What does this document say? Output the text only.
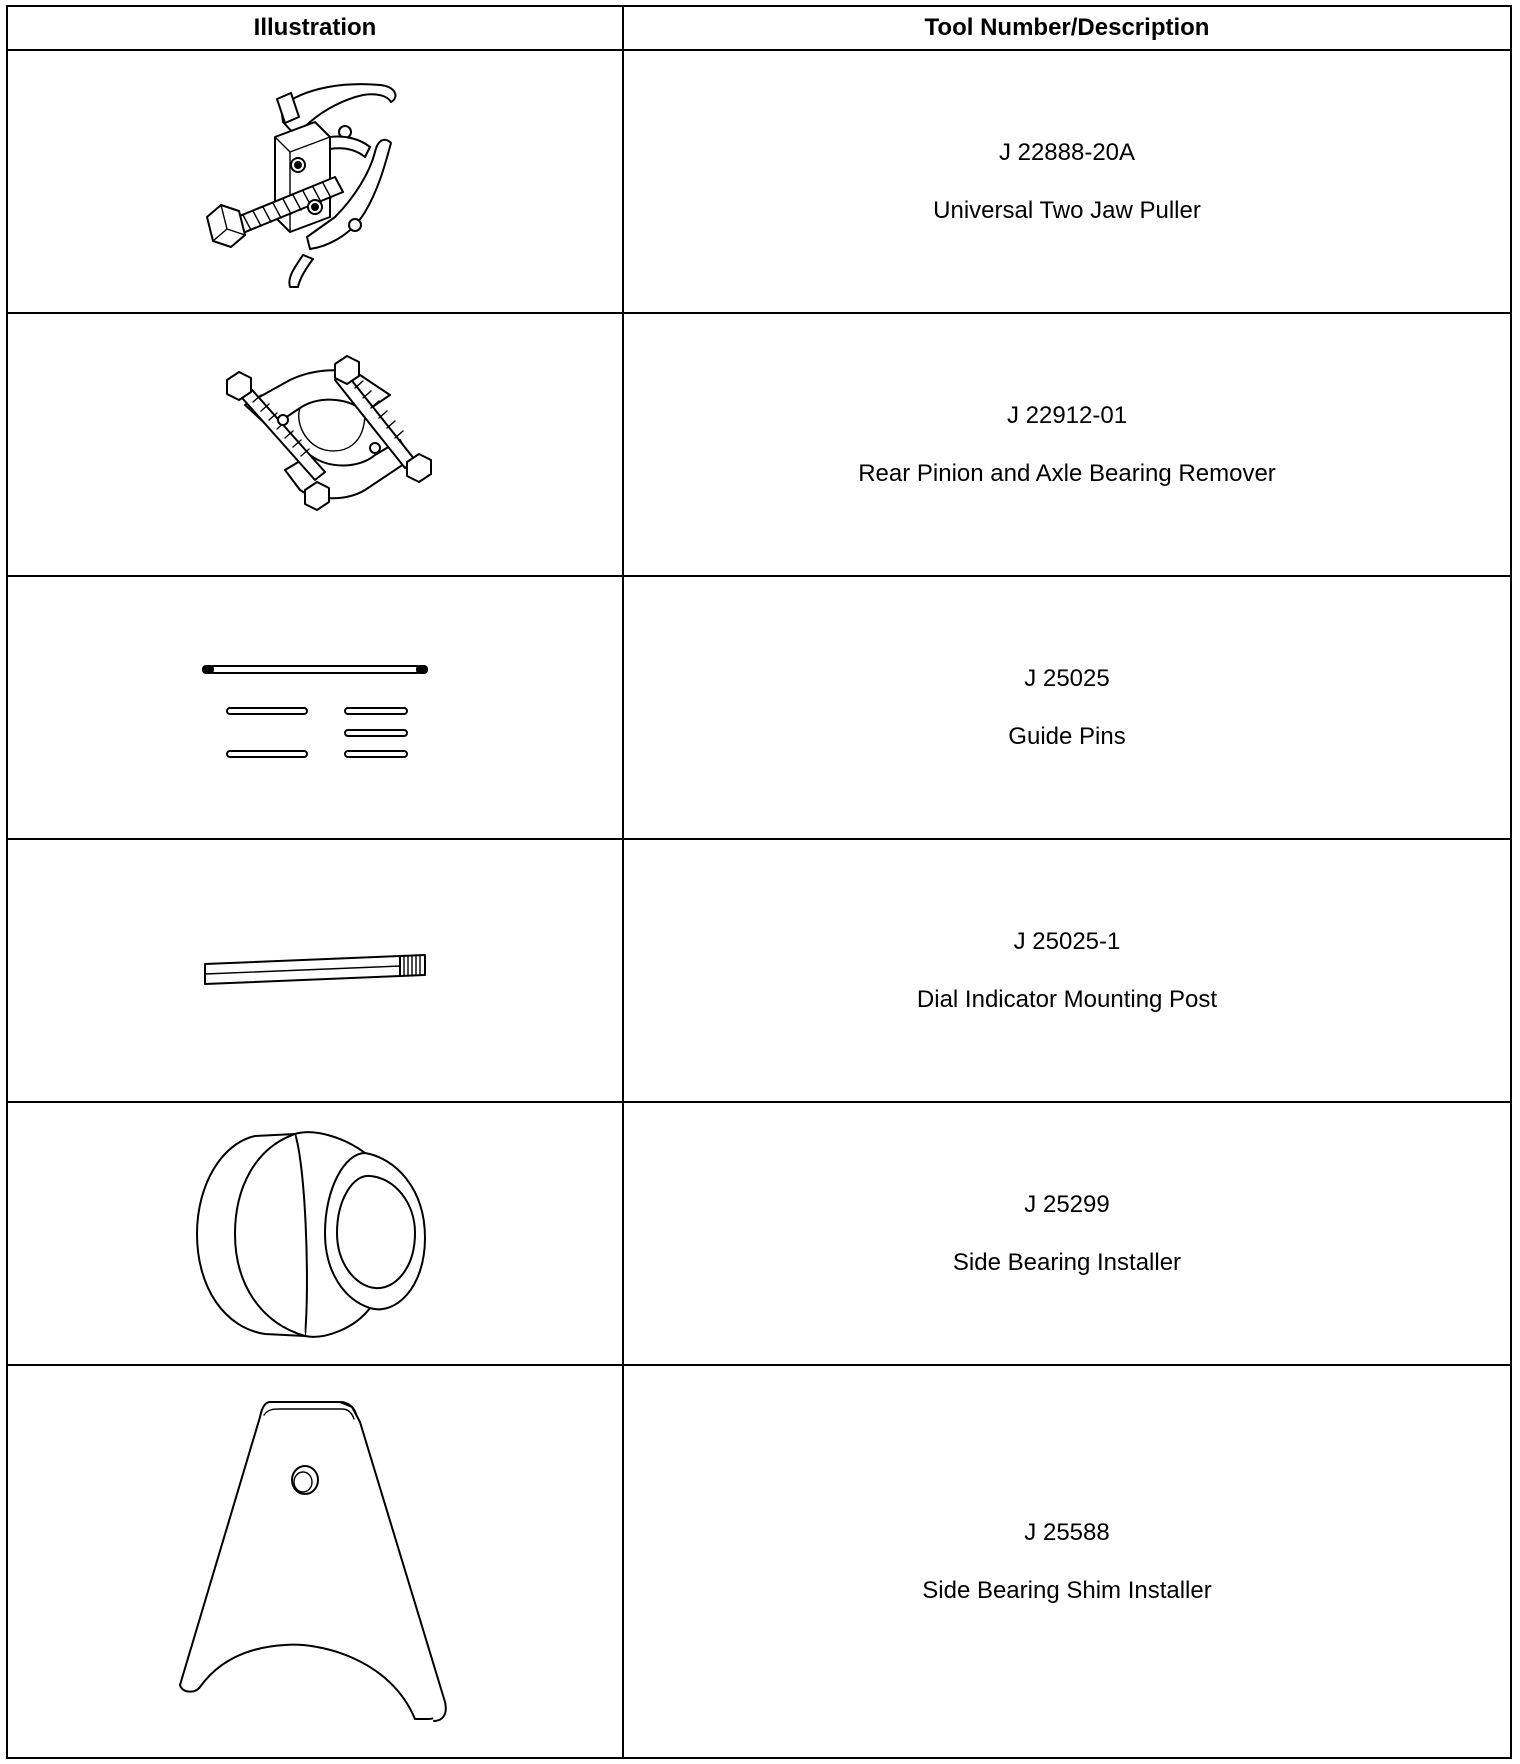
Illustration	Tool Number/Description

J 22888-20A
Universal Two Jaw Puller

J 22912-01
Rear Pinion and Axle Bearing Remover

J 25025
Guide Pins

J 25025-1
Dial Indicator Mounting Post

J 25299
Side Bearing Installer

J 25588
Side Bearing Shim Installer
